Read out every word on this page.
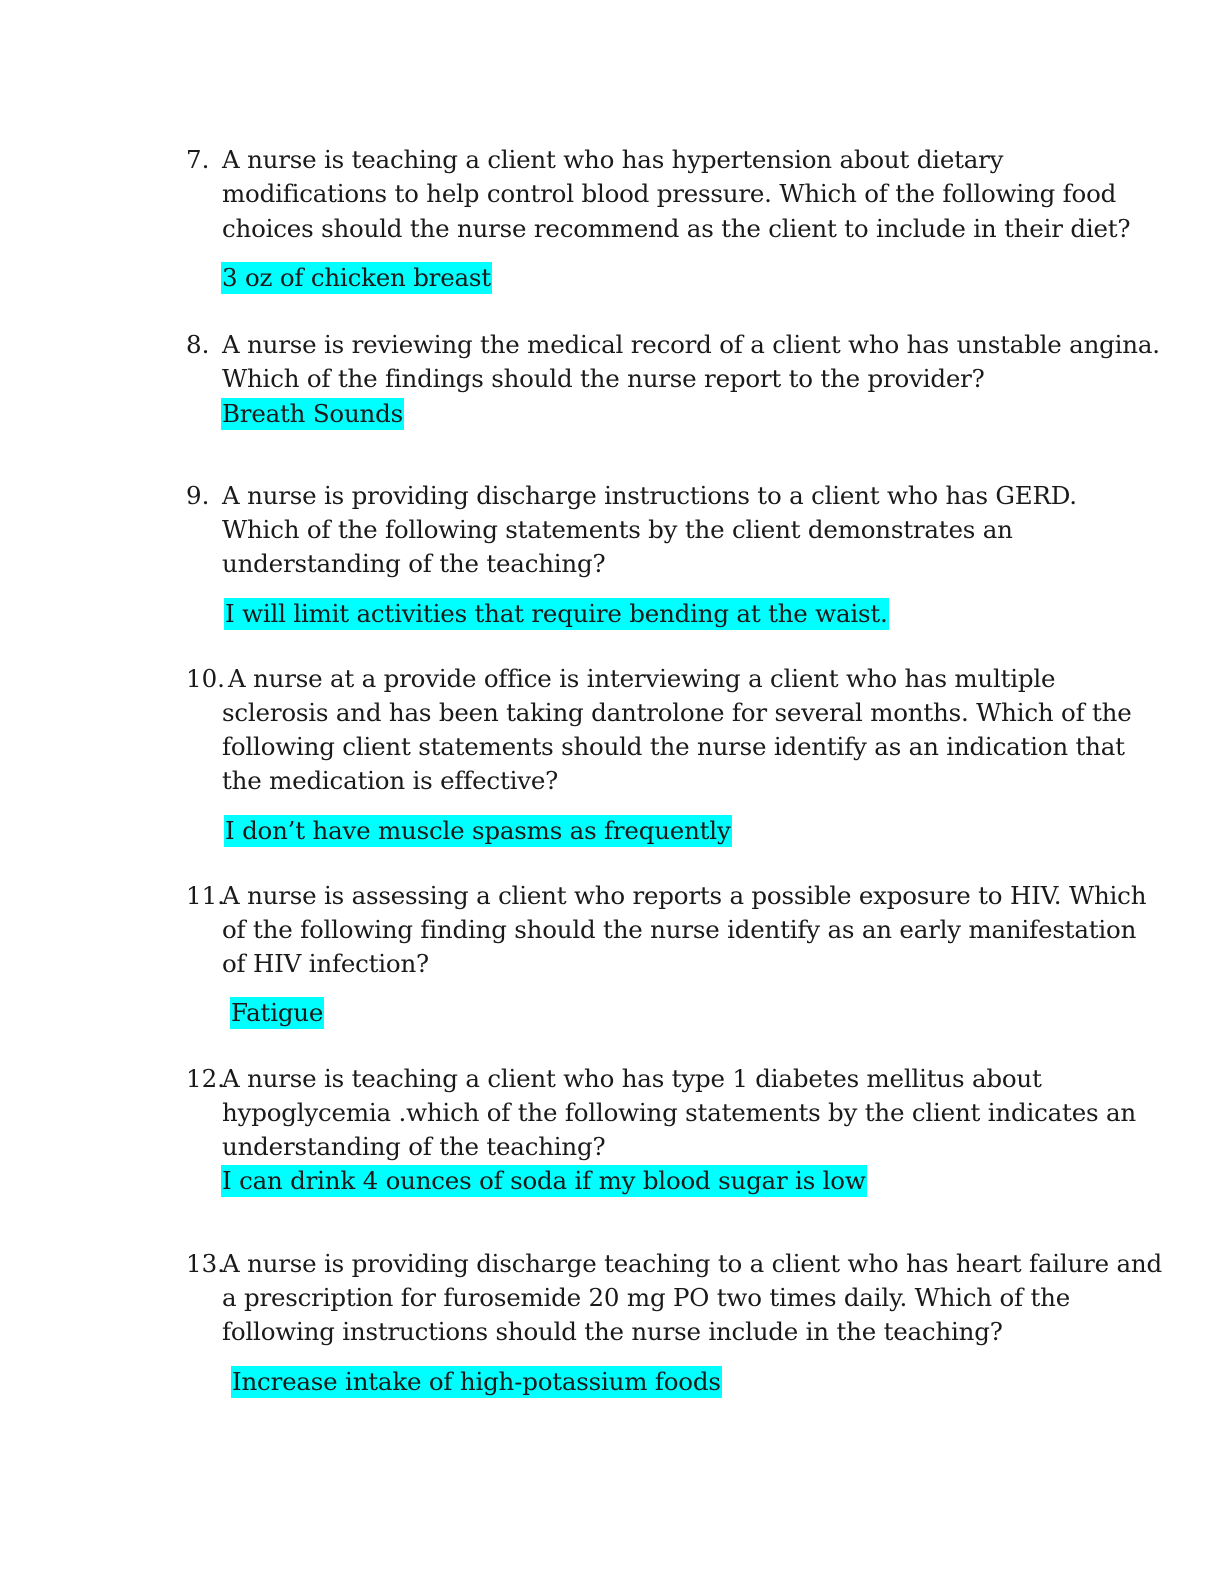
7. A nurse is teaching a client who has hypertension about dietary
modifications to help control blood pressure. Which of the following food
choices should the nurse recommend as the client to include in their diet?
3 oz of chicken breast
8. A nurse is reviewing the medical record of a client who has unstable angina.
Which of the findings should the nurse report to the provider?
Breath Sounds
9. A nurse is providing discharge instructions to a client who has GERD.
Which of the following statements by the client demonstrates an
understanding of the teaching?
I will limit activities that require bending at the waist.
10. A nurse at a provide office is interviewing a client who has multiple
sclerosis and has been taking dantrolone for several months. Which of the
following client statements should the nurse identify as an indication that
the medication is effective?
I don’t have muscle spasms as frequently
11.
A nurse is assessing a client who reports a possible exposure to HIV. Which
of the following finding should the nurse identify as an early manifestation
of HIV infection?
Fatigue
12.
A nurse is teaching a client who has type 1 diabetes mellitus about
hypoglycemia .which of the following statements by the client indicates an
understanding of the teaching?
I can drink 4 ounces of soda if my blood sugar is low
13.
A nurse is providing discharge teaching to a client who has heart failure and
a prescription for furosemide 20 mg PO two times daily. Which of the
following instructions should the nurse include in the teaching?
Increase intake of high-potassium foods
